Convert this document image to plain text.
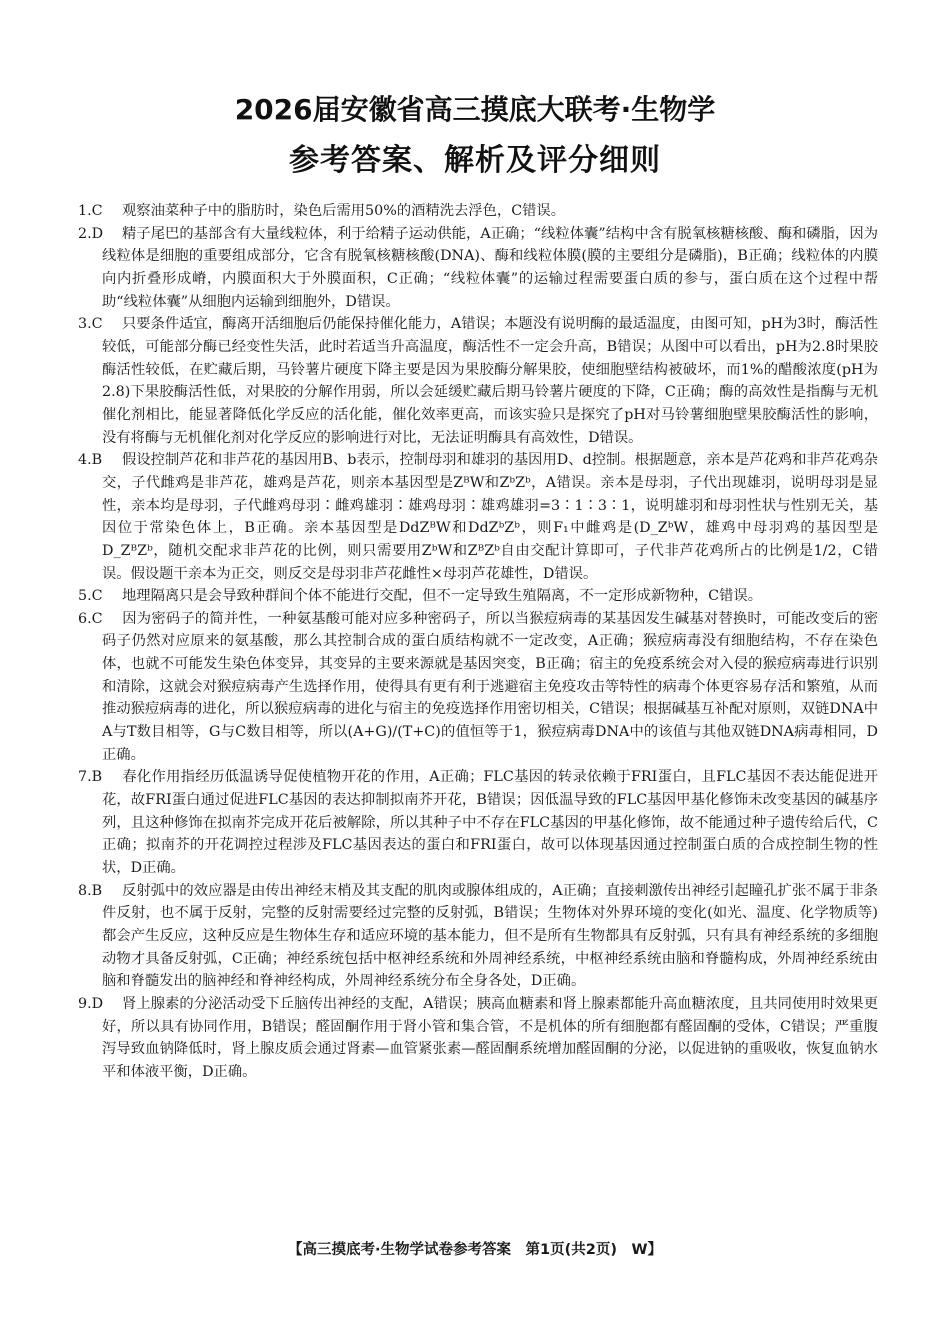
2026届安徽省高三摸底大联考·生物学
参考答案、解析及评分细则

1.C 观察油菜种子中的脂肪时，染色后需用50%的酒精洗去浮色，C错误。

2.D 精子尾巴的基部含有大量线粒体，利于给精子运动供能，A正确；“线粒体囊”结构中含有脱氧核糖核酸、酶和磷脂，因为线粒体是细胞的重要组成部分，它含有脱氧核糖核酸(DNA)、酶和线粒体膜(膜的主要组分是磷脂)，B正确；线粒体的内膜向内折叠形成嵴，内膜面积大于外膜面积，C正确；“线粒体囊”的运输过程需要蛋白质的参与，蛋白质在这个过程中帮助“线粒体囊”从细胞内运输到细胞外，D错误。

3.C 只要条件适宜，酶离开活细胞后仍能保持催化能力，A错误；本题没有说明酶的最适温度，由图可知，pH为3时，酶活性较低，可能部分酶已经变性失活，此时若适当升高温度，酶活性不一定会升高，B错误；从图中可以看出，pH为2.8时果胶酶活性较低，在贮藏后期，马铃薯片硬度下降主要是因为果胶酶分解果胶，使细胞壁结构被破坏，而1%的醋酸浓度(pH为2.8)下果胶酶活性低，对果胶的分解作用弱，所以会延缓贮藏后期马铃薯片硬度的下降，C正确；酶的高效性是指酶与无机催化剂相比，能显著降低化学反应的活化能，催化效率更高，而该实验只是探究了pH对马铃薯细胞壁果胶酶活性的影响，没有将酶与无机催化剂对化学反应的影响进行对比，无法证明酶具有高效性，D错误。

4.B 假设控制芦花和非芦花的基因用B、b表示，控制母羽和雄羽的基因用D、d控制。根据题意，亲本是芦花鸡和非芦花鸡杂交，子代雌鸡是非芦花，雄鸡是芦花，则亲本基因型是ZᴮW和ZᵇZᵇ，A错误。亲本是母羽，子代出现雄羽，说明母羽是显性，亲本均是母羽，子代雌鸡母羽∶雌鸡雄羽∶雄鸡母羽∶雄鸡雄羽=3∶1∶3∶1，说明雄羽和母羽性状与性别无关，基因位于常染色体上，B正确。亲本基因型是DdZᴮW和DdZᵇZᵇ，则F₁中雌鸡是(D_ZᵇW，雄鸡中母羽鸡的基因型是D_ZᴮZᵇ，随机交配求非芦花的比例，则只需要用ZᵇW和ZᴮZᵇ自由交配计算即可，子代非芦花鸡所占的比例是1/2，C错误。假设题干亲本为正交，则反交是母羽非芦花雌性×母羽芦花雄性，D错误。

5.C 地理隔离只是会导致种群间个体不能进行交配，但不一定导致生殖隔离，不一定形成新物种，C错误。

6.C 因为密码子的简并性，一种氨基酸可能对应多种密码子，所以当猴痘病毒的某基因发生碱基对替换时，可能改变后的密码子仍然对应原来的氨基酸，那么其控制合成的蛋白质结构就不一定改变，A正确；猴痘病毒没有细胞结构，不存在染色体，也就不可能发生染色体变异，其变异的主要来源就是基因突变，B正确；宿主的免疫系统会对入侵的猴痘病毒进行识别和清除，这就会对猴痘病毒产生选择作用，使得具有更有利于逃避宿主免疫攻击等特性的病毒个体更容易存活和繁殖，从而推动猴痘病毒的进化，所以猴痘病毒的进化与宿主的免疫选择作用密切相关，C错误；根据碱基互补配对原则，双链DNA中A与T数目相等，G与C数目相等，所以(A+G)/(T+C)的值恒等于1，猴痘病毒DNA中的该值与其他双链DNA病毒相同，D正确。

7.B 春化作用指经历低温诱导促使植物开花的作用，A正确；FLC基因的转录依赖于FRI蛋白，且FLC基因不表达能促进开花，故FRI蛋白通过促进FLC基因的表达抑制拟南芥开花，B错误；因低温导致的FLC基因甲基化修饰未改变基因的碱基序列，且这种修饰在拟南芥完成开花后被解除，所以其种子中不存在FLC基因的甲基化修饰，故不能通过种子遗传给后代，C正确；拟南芥的开花调控过程涉及FLC基因表达的蛋白和FRI蛋白，故可以体现基因通过控制蛋白质的合成控制生物的性状，D正确。

8.B 反射弧中的效应器是由传出神经末梢及其支配的肌肉或腺体组成的，A正确；直接刺激传出神经引起瞳孔扩张不属于非条件反射，也不属于反射，完整的反射需要经过完整的反射弧，B错误；生物体对外界环境的变化(如光、温度、化学物质等)都会产生反应，这种反应是生物体生存和适应环境的基本能力，但不是所有生物都具有反射弧，只有具有神经系统的多细胞动物才具备反射弧，C正确；神经系统包括中枢神经系统和外周神经系统，中枢神经系统由脑和脊髓构成，外周神经系统由脑和脊髓发出的脑神经和脊神经构成，外周神经系统分布全身各处，D正确。

9.D 肾上腺素的分泌活动受下丘脑传出神经的支配，A错误；胰高血糖素和肾上腺素都能升高血糖浓度，且共同使用时效果更好，所以具有协同作用，B错误；醛固酮作用于肾小管和集合管，不是机体的所有细胞都有醛固酮的受体，C错误；严重腹泻导致血钠降低时，肾上腺皮质会通过肾素—血管紧张素—醛固酮系统增加醛固酮的分泌，以促进钠的重吸收，恢复血钠水平和体液平衡，D正确。

【高三摸底考·生物学试卷参考答案　第1页(共2页)　W】
